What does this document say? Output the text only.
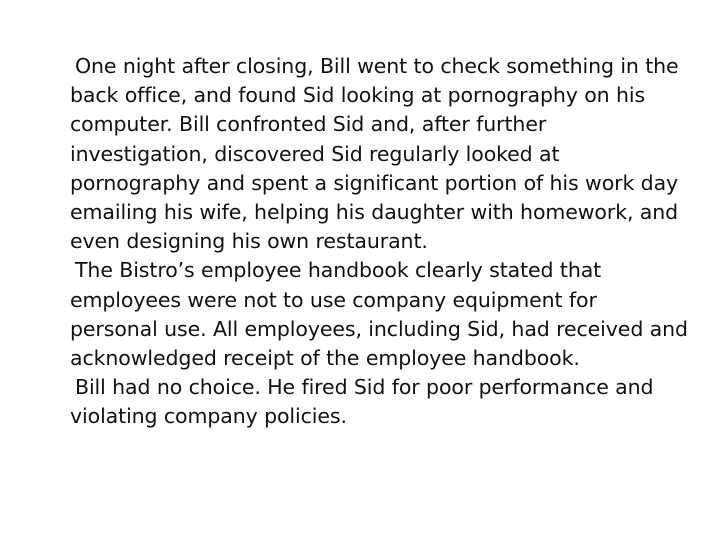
One night after closing, Bill went to check something in the back office, and found Sid looking at pornography on his computer. Bill confronted Sid and, after further investigation, discovered Sid regularly looked at pornography and spent a significant portion of his work day emailing his wife, helping his daughter with homework, and even designing his own restaurant.

The Bistro’s employee handbook clearly stated that employees were not to use company equipment for personal use. All employees, including Sid, had received and acknowledged receipt of the employee handbook.

Bill had no choice. He fired Sid for poor performance and violating company policies.
